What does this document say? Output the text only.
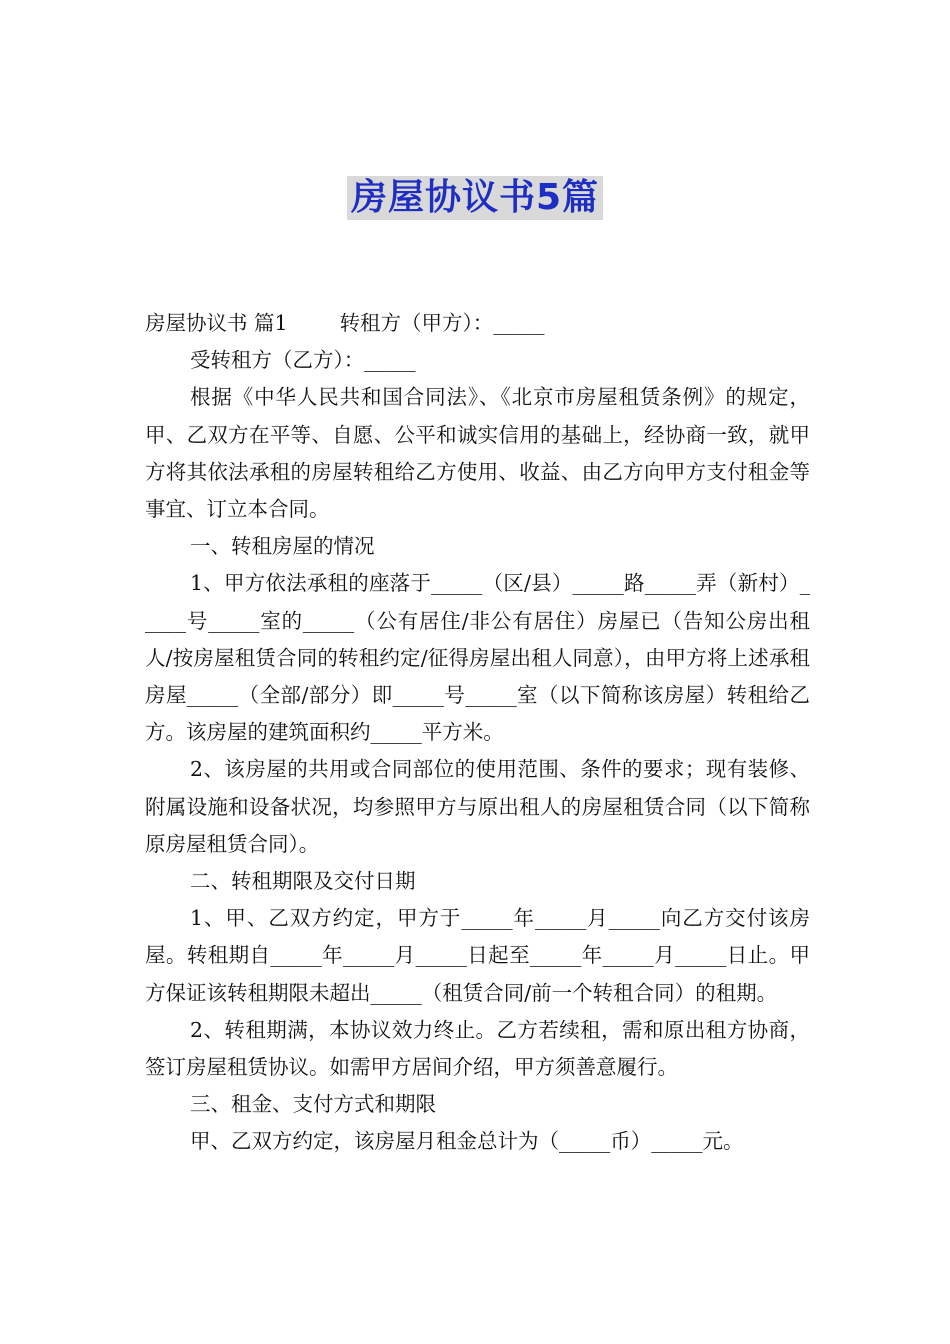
房屋协议书5篇

房屋协议书 篇1	转租方（甲方）：_____

受转租方（乙方）：_____

根据《中华人民共和国合同法》、《北京市房屋租赁条例》的规定，甲、乙双方在平等、自愿、公平和诚实信用的基础上，经协商一致，就甲方将其依法承租的房屋转租给乙方使用、收益、由乙方向甲方支付租金等事宜、订立本合同。

一、转租房屋的情况

1、甲方依法承租的座落于_____（区/县）_____路_____弄（新村）_____号_____室的_____（公有居住/非公有居住）房屋已（告知公房出租人/按房屋租赁合同的转租约定/征得房屋出租人同意），由甲方将上述承租房屋_____（全部/部分）即_____号_____室（以下简称该房屋）转租给乙方。该房屋的建筑面积约_____平方米。

2、该房屋的共用或合同部位的使用范围、条件的要求；现有装修、附属设施和设备状况，均参照甲方与原出租人的房屋租赁合同（以下简称原房屋租赁合同）。

二、转租期限及交付日期

1、甲、乙双方约定，甲方于_____年_____月_____向乙方交付该房屋。转租期自_____年_____月_____日起至_____年_____月_____日止。甲方保证该转租期限未超出_____（租赁合同/前一个转租合同）的租期。

2、转租期满，本协议效力终止。乙方若续租，需和原出租方协商，签订房屋租赁协议。如需甲方居间介绍，甲方须善意履行。

三、租金、支付方式和期限

甲、乙双方约定，该房屋月租金总计为（_____币）_____元。
